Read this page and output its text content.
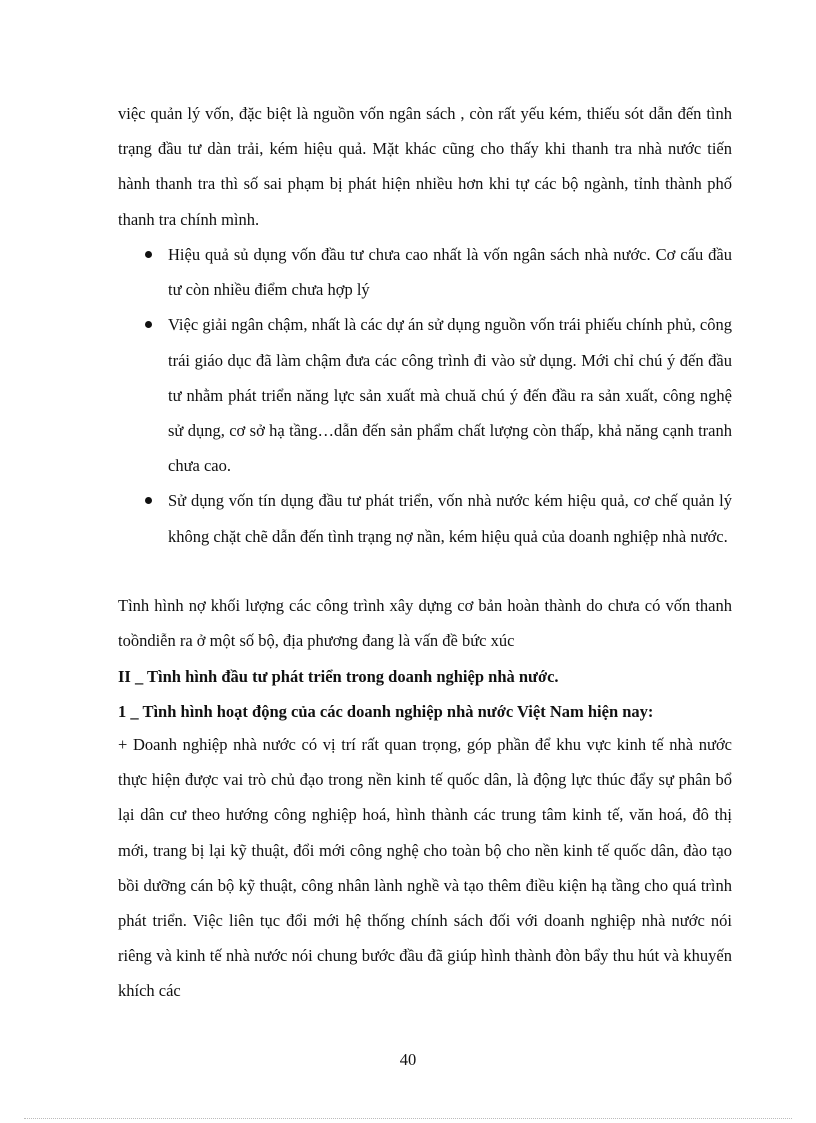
việc quản lý vốn, đặc biệt là nguồn vốn ngân sách , còn rất yếu kém, thiếu sót dẫn đến tình trạng đầu tư dàn trải, kém hiệu quả. Mặt khác cũng cho thấy khi thanh tra nhà nước tiến hành thanh tra thì số sai phạm bị phát hiện nhiều hơn khi tự các bộ ngành, tỉnh thành phố thanh tra chính mình.

Hiệu quả sủ dụng vốn đầu tư chưa cao nhất là vốn ngân sách nhà nước. Cơ cấu đầu tư còn nhiều điểm chưa hợp lý

Việc giải ngân chậm, nhất là các dự án sử dụng nguồn vốn trái phiếu chính phủ, công trái giáo dục đã làm chậm đưa các công trình đi vào sử dụng. Mới chỉ chú ý đến đầu tư nhằm phát triển năng lực sản xuất mà chuă chú ý đến đầu ra sản xuất, công nghệ sử dụng, cơ sở hạ tầng…dẫn đến sản phẩm chất lượng còn thấp, khả năng cạnh tranh chưa cao.

Sử dụng vốn tín dụng đầu tư phát triển, vốn nhà nước kém hiệu quả, cơ chế quản lý không chặt chẽ dẫn đến tình trạng nợ nần, kém hiệu quả của doanh nghiệp nhà nước.

Tình hình nợ khối lượng các công trình xây dựng cơ bản hoàn thành do chưa có vốn thanh toồndiễn ra ở một số bộ, địa phương đang là vấn đề bức xúc

II _ Tình hình đầu tư phát triển trong doanh nghiệp nhà nước.

1 _ Tình hình hoạt động của các doanh nghiệp nhà nước Việt Nam hiện nay:

+ Doanh nghiệp nhà nước có vị trí rất quan trọng, góp phần để khu vực kinh tế nhà nước thực hiện được vai trò chủ đạo trong nền kinh tế quốc dân, là động lực thúc đẩy sự phân bổ lại dân cư theo hướng công nghiệp hoá, hình thành các trung tâm kinh tế, văn hoá, đô thị mới, trang bị lại kỹ thuật, đổi mới công nghệ cho toàn bộ cho nền kinh tế quốc dân, đào tạo bồi dưỡng cán bộ kỹ thuật, công nhân lành nghề và tạo thêm điều kiện hạ tầng cho quá trình phát triển. Việc liên tục đổi mới hệ thống chính sách đối với doanh nghiệp nhà nước nói riêng và kinh tế nhà nước nói chung bước đầu đã giúp hình thành đòn bẩy thu hút và khuyến khích các

40
